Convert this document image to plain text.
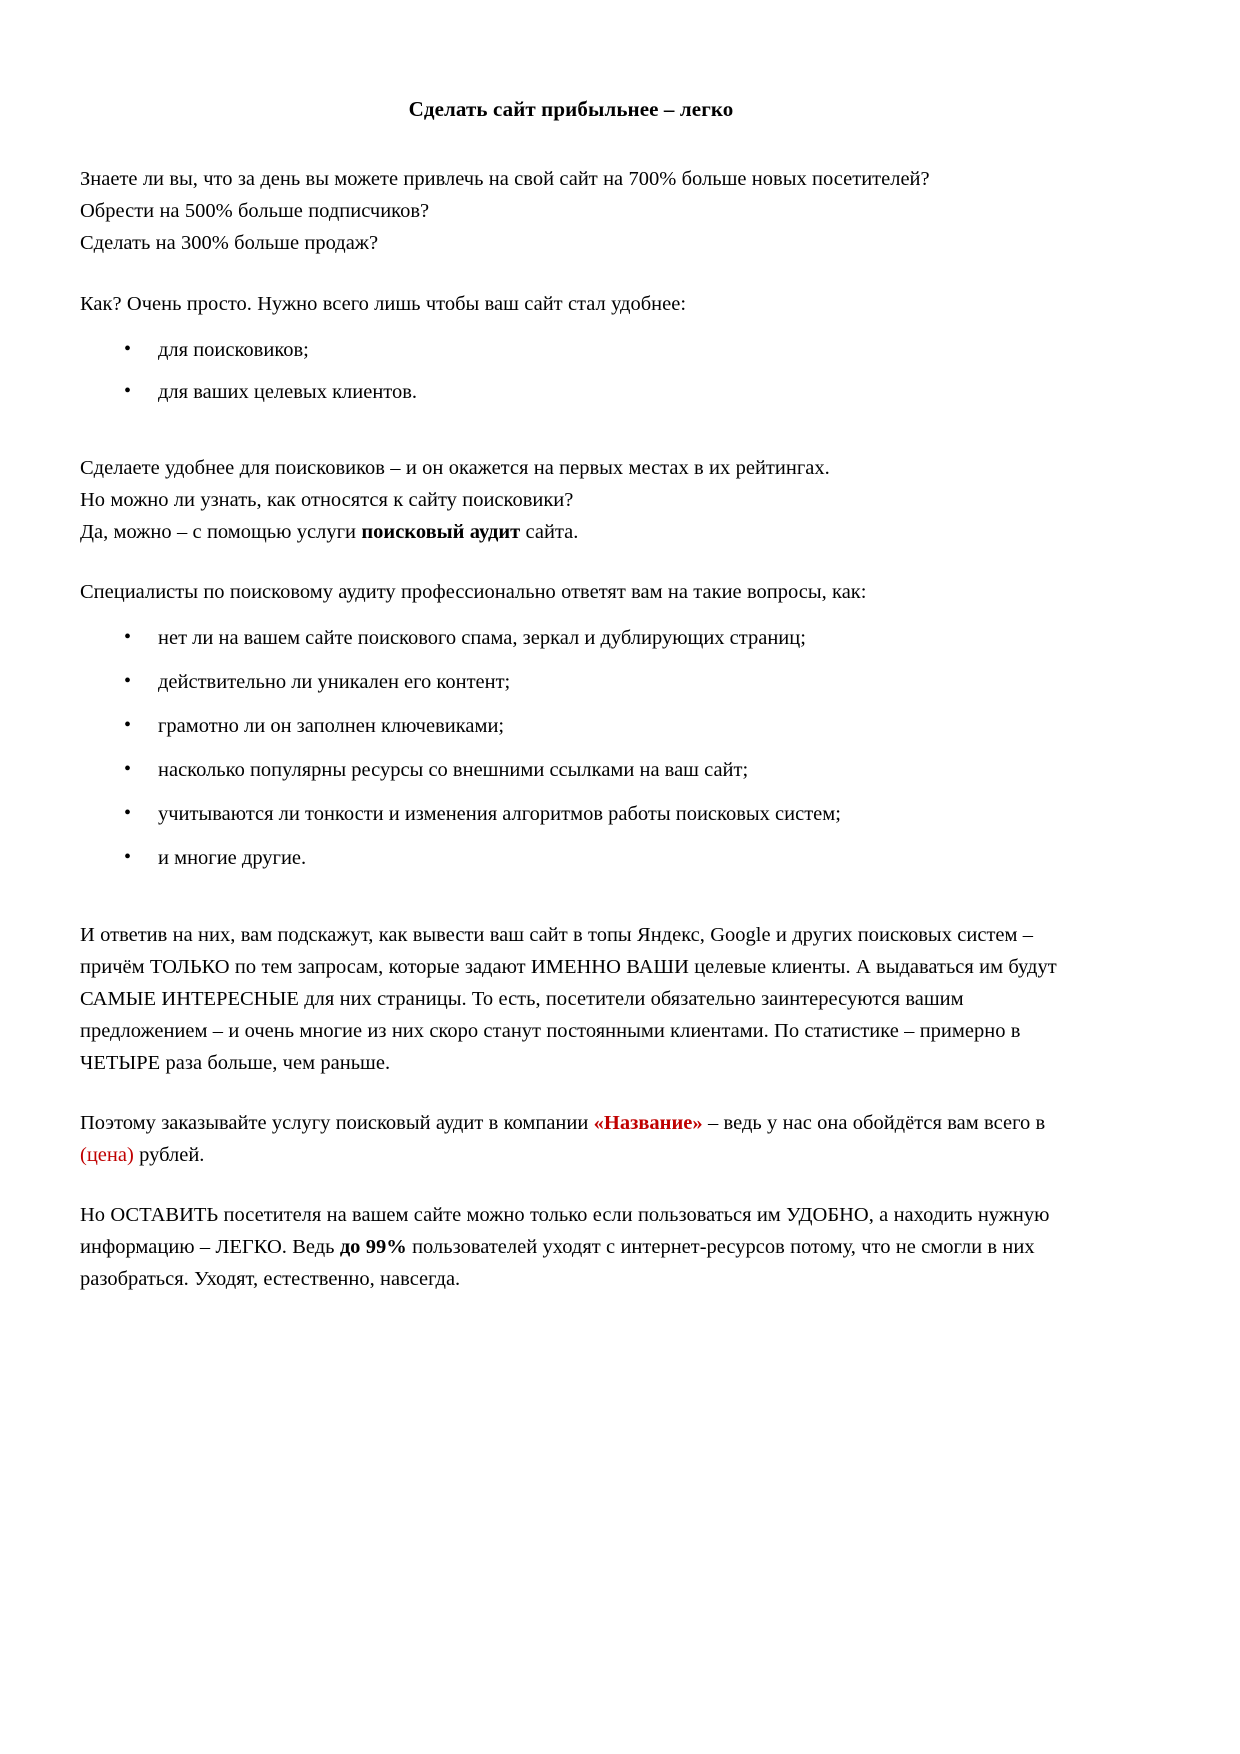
Сделать сайт прибыльнее – легко

Знаете ли вы, что за день вы можете привлечь на свой сайт на 700% больше новых посетителей?

Обрести на 500% больше подписчиков?

Сделать на 300% больше продаж?

Как? Очень просто. Нужно всего лишь чтобы ваш сайт стал удобнее:

• для поисковиков;
• для ваших целевых клиентов.

Сделаете удобнее для поисковиков – и он окажется на первых местах в их рейтингах.

Но можно ли узнать, как относятся к сайту поисковики?

Да, можно – с помощью услуги поисковый аудит сайта.

Специалисты по поисковому аудиту профессионально ответят вам на такие вопросы, как:

• нет ли на вашем сайте поискового спама, зеркал и дублирующих страниц;
• действительно ли уникален его контент;
• грамотно ли он заполнен ключевиками;
• насколько популярны ресурсы со внешними ссылками на ваш сайт;
• учитываются ли тонкости и изменения алгоритмов работы поисковых систем;
• и многие другие.

И ответив на них, вам подскажут, как вывести ваш сайт в топы Яндекс, Google и других поисковых систем – причём ТОЛЬКО по тем запросам, которые задают ИМЕННО ВАШИ целевые клиенты. А выдаваться им будут САМЫЕ ИНТЕРЕСНЫЕ для них страницы. То есть, посетители обязательно заинтересуются вашим предложением – и очень многие из них скоро станут постоянными клиентами. По статистике – примерно в ЧЕТЫРЕ раза больше, чем раньше.

Поэтому заказывайте услугу поисковый аудит в компании «Название» – ведь у нас она обойдётся вам всего в (цена) рублей.

Но ОСТАВИТЬ посетителя на вашем сайте можно только если пользоваться им УДОБНО, а находить нужную информацию – ЛЕГКО. Ведь до 99% пользователей уходят с интернет-ресурсов потому, что не смогли в них разобраться. Уходят, естественно, навсегда.
